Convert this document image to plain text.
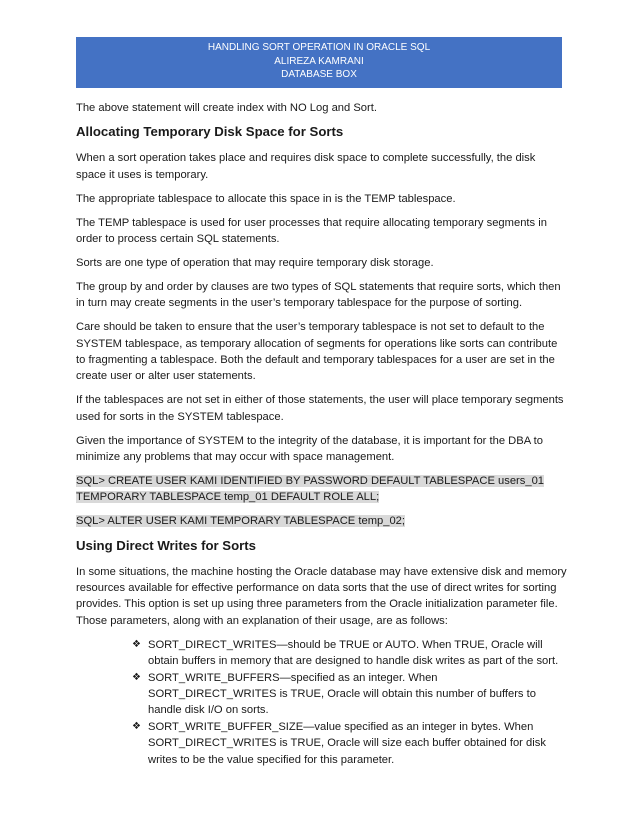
HANDLING SORT OPERATION IN ORACLE SQL
ALIREZA KAMRANI
DATABASE BOX

The above statement will create index with NO Log and Sort.

Allocating Temporary Disk Space for Sorts

When a sort operation takes place and requires disk space to complete successfully, the disk space it uses is temporary.

The appropriate tablespace to allocate this space in is the TEMP tablespace.

The TEMP tablespace is used for user processes that require allocating temporary segments in order to process certain SQL statements.

Sorts are one type of operation that may require temporary disk storage.

The group by and order by clauses are two types of SQL statements that require sorts, which then in turn may create segments in the user’s temporary tablespace for the purpose of sorting.

Care should be taken to ensure that the user’s temporary tablespace is not set to default to the SYSTEM tablespace, as temporary allocation of segments for operations like sorts can contribute to fragmenting a tablespace. Both the default and temporary tablespaces for a user are set in the create user or alter user statements.

If the tablespaces are not set in either of those statements, the user will place temporary segments used for sorts in the SYSTEM tablespace.

Given the importance of SYSTEM to the integrity of the database, it is important for the DBA to minimize any problems that may occur with space management.

SQL> CREATE USER KAMI IDENTIFIED BY PASSWORD DEFAULT TABLESPACE users_01 TEMPORARY TABLESPACE temp_01 DEFAULT ROLE ALL;
SQL> ALTER USER KAMI TEMPORARY TABLESPACE temp_02;
Using Direct Writes for Sorts

In some situations, the machine hosting the Oracle database may have extensive disk and memory resources available for effective performance on data sorts that the use of direct writes for sorting provides. This option is set up using three parameters from the Oracle initialization parameter file. Those parameters, along with an explanation of their usage, are as follows:

❖ SORT_DIRECT_WRITES—should be TRUE or AUTO. When TRUE, Oracle will obtain buffers in memory that are designed to handle disk writes as part of the sort.
❖ SORT_WRITE_BUFFERS—specified as an integer. When SORT_DIRECT_WRITES is TRUE, Oracle will obtain this number of buffers to handle disk I/O on sorts.
❖ SORT_WRITE_BUFFER_SIZE—value specified as an integer in bytes. When SORT_DIRECT_WRITES is TRUE, Oracle will size each buffer obtained for disk writes to be the value specified for this parameter.
